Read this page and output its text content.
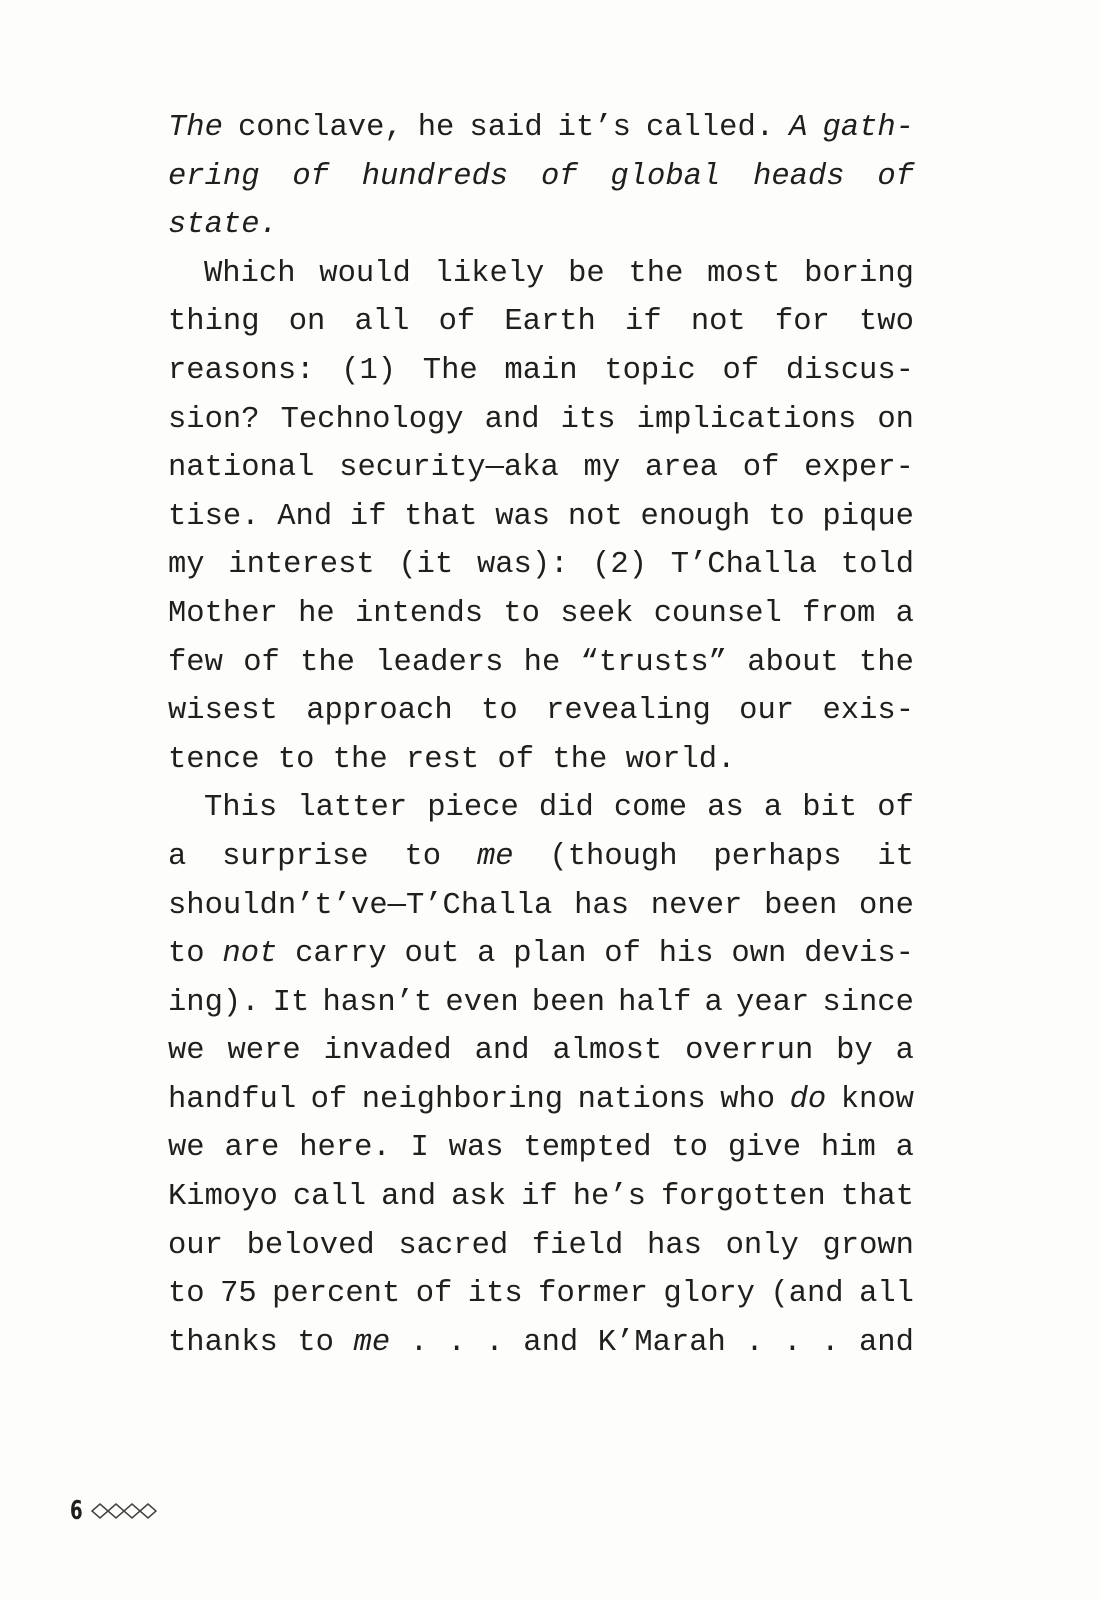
The conclave, he said it’s called. A gath-
ering of hundreds of global heads of
state.
Which would likely be the most boring
thing on all of Earth if not for two
reasons: (1) The main topic of discus-
sion? Technology and its implications on
national security—aka my area of exper-
tise. And if that was not enough to pique
my interest (it was): (2) T’Challa told
Mother he intends to seek counsel from a
few of the leaders he “trusts” about the
wisest approach to revealing our exis-
tence to the rest of the world.
This latter piece did come as a bit of
a surprise to me (though perhaps it
shouldn’t’ve—T’Challa has never been one
to not carry out a plan of his own devis-
ing). It hasn’t even been half a year since
we were invaded and almost overrun by a
handful of neighboring nations who do know
we are here. I was tempted to give him a
Kimoyo call and ask if he’s forgotten that
our beloved sacred field has only grown
to 75 percent of its former glory (and all
thanks to me . . . and K’Marah . . . and
6
